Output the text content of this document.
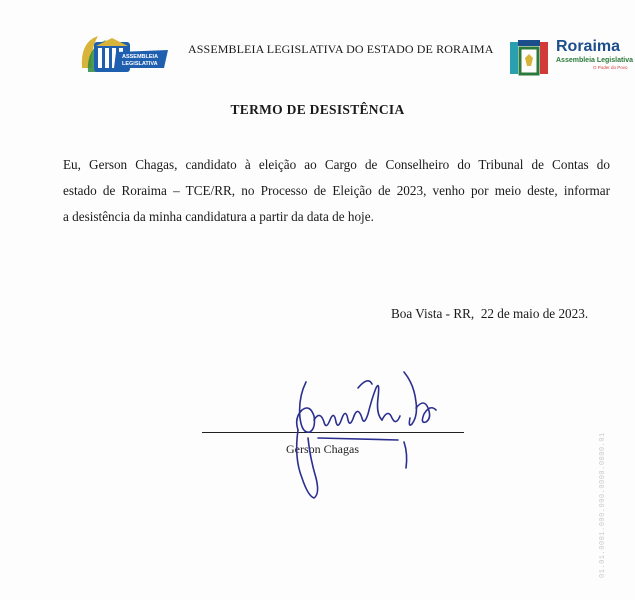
ASSEMBLEIA
LEGISLATIVA
ASSEMBLEIA LEGISLATIVA DO ESTADO DE RORAIMA	Roraima
Assembleia Legislativa
O Poder do Povo
TERMO DE DESISTÊNCIA
Eu, Gerson Chagas, candidato à eleição ao Cargo de Conselheiro do Tribunal de Contas do
estado de Roraima – TCE/RR, no Processo de Eleição de 2023, venho por meio deste, informar
a desistência da minha candidatura a partir da data de hoje.
Boa Vista - RR,  22 de maio de 2023.
Gerson Chagas	01.01.0001.000.000.0000.0000.01
